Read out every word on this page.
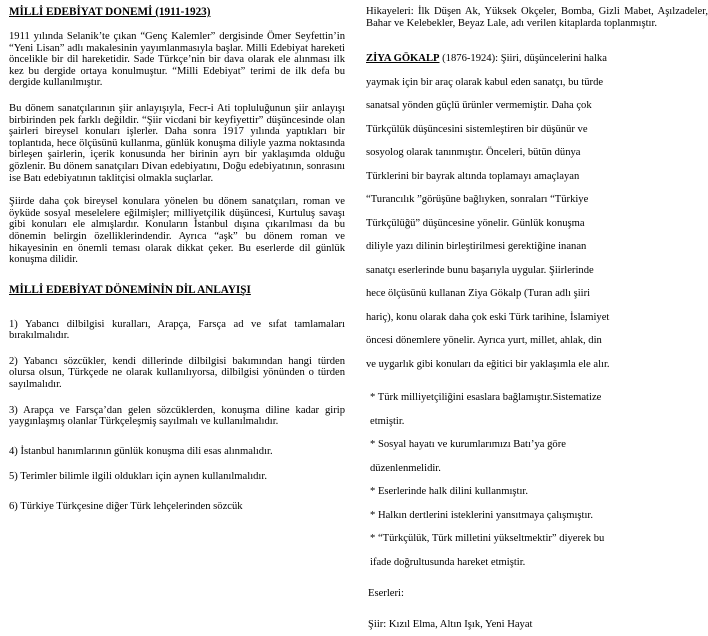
MİLLİ EDEBİYAT DONEMİ (1911-1923)

1911 yılında Selanik’te çıkan “Genç Kalemler” dergisinde Ömer Seyfettin’in “Yeni Lisan” adlı makalesinin yayımlanmasıyla başlar. Milli Edebiyat hareketi öncelikle bir dil hareketidir. Sade Türkçe’nin bir dava olarak ele alınması ilk kez bu dergide ortaya konulmuştur. “Milli Edebiyat” terimi de ilk defa bu dergide kullanılmıştır.

Bu dönem sanatçılarının şiir anlayışıyla, Fecr-i Ati topluluğunun şiir anlayışı birbirinden pek farklı değildir. “Şiir vicdani bir keyfiyettir” düşüncesinde olan şairleri bireysel konuları işlerler. Daha sonra 1917 yılında yaptıkları bir toplantıda, hece ölçüsünü kullanma, günlük konuşma diliyle yazma noktasında birleşen şairlerin, içerik konusunda her birinin ayrı bir yaklaşımda olduğu gözlenir. Bu dönem sanatçıları Divan edebiyatını, Doğu edebiyatının, sonrasını ise Batı edebiyatının taklitçisi olmakla suçlarlar.

Şiirde daha çok bireysel konulara yönelen bu dönem sanatçıları, roman ve öyküde sosyal meselelere eğilmişler; milliyetçilik düşüncesi, Kurtuluş savaşı gibi konuları ele almışlardır. Konuların İstanbul dışına çıkarılması da bu dönemin belirgin özelliklerindendir. Ayrıca “aşk” bu dönem roman ve hikayesinin en önemli teması olarak dikkat çeker. Bu eserlerde dil günlük konuşma dilidir.

MİLLİ EDEBİYAT DÖNEMİNİN DİL ANLAYIŞI

1) Yabancı dilbilgisi kuralları, Arapça, Farsça ad ve sıfat tamlamaları bırakılmalıdır.

2) Yabancı sözcükler, kendi dillerinde dilbilgisi bakımından hangi türden olursa olsun, Türkçede ne olarak kullanılıyorsa, dilbilgisi yönünden o türden sayılmalıdır.

3) Arapça ve Farsça’dan gelen sözcüklerden, konuşma diline kadar girip yaygınlaşmış olanlar Türkçeleşmiş sayılmalı ve kullanılmalıdır.

4) İstanbul hanımlarının günlük konuşma dili esas alınmalıdır.

5) Terimler bilimle ilgili oldukları için aynen kullanılmalıdır.

6) Türkiye Türkçesine diğer Türk lehçelerinden sözcük

Hikayeleri: İlk Düşen Ak, Yüksek Okçeler, Bomba, Gizli Mabet, Aşılzadeler, Bahar ve Kelebekler, Beyaz Lale, adı verilen kitaplarda toplanmıştır.

ZİYA GÖKALP (1876-1924): Şiiri, düşüncelerini halka

yaymak için bir araç olarak kabul eden sanatçı, bu türde

sanatsal yönden güçlü ürünler vermemiştir. Daha çok

Türkçülük düşüncesini sistemleştiren bir düşünür ve

sosyolog olarak tanınmıştır. Önceleri, bütün dünya

Türklerini bir bayrak altında toplamayı amaçlayan

“Turancılık ”görüşüne bağlıyken, sonraları “Türkiye

Türkçülüğü” düşüncesine yönelir. Günlük konuşma

diliyle yazı dilinin birleştirilmesi gerektiğine inanan

sanatçı eserlerinde bunu başarıyla uygular. Şiirlerinde

hece ölçüsünü kullanan Ziya Gökalp (Turan adlı şiiri

hariç), konu olarak daha çok eski Türk tarihine, İslamiyet

öncesi dönemlere yönelir. Ayrıca yurt, millet, ahlak, din

ve uygarlık gibi konuları da eğitici bir yaklaşımla ele alır.

* Türk milliyetçiliğini esaslara bağlamıştır.Sistematize

etmiştir.

* Sosyal hayatı ve kurumlarımızı Batı’ya göre

düzenlenmelidir.

* Eserlerinde halk dilini kullanmıştır.

* Halkın dertlerini isteklerini yansıtmaya çalışmıştır.

* “Türkçülük, Türk milletini yükseltmektir” diyerek bu

ifade doğrultusunda hareket etmiştir.

Eserleri:

Şiir: Kızıl Elma, Altın Işık, Yeni Hayat
